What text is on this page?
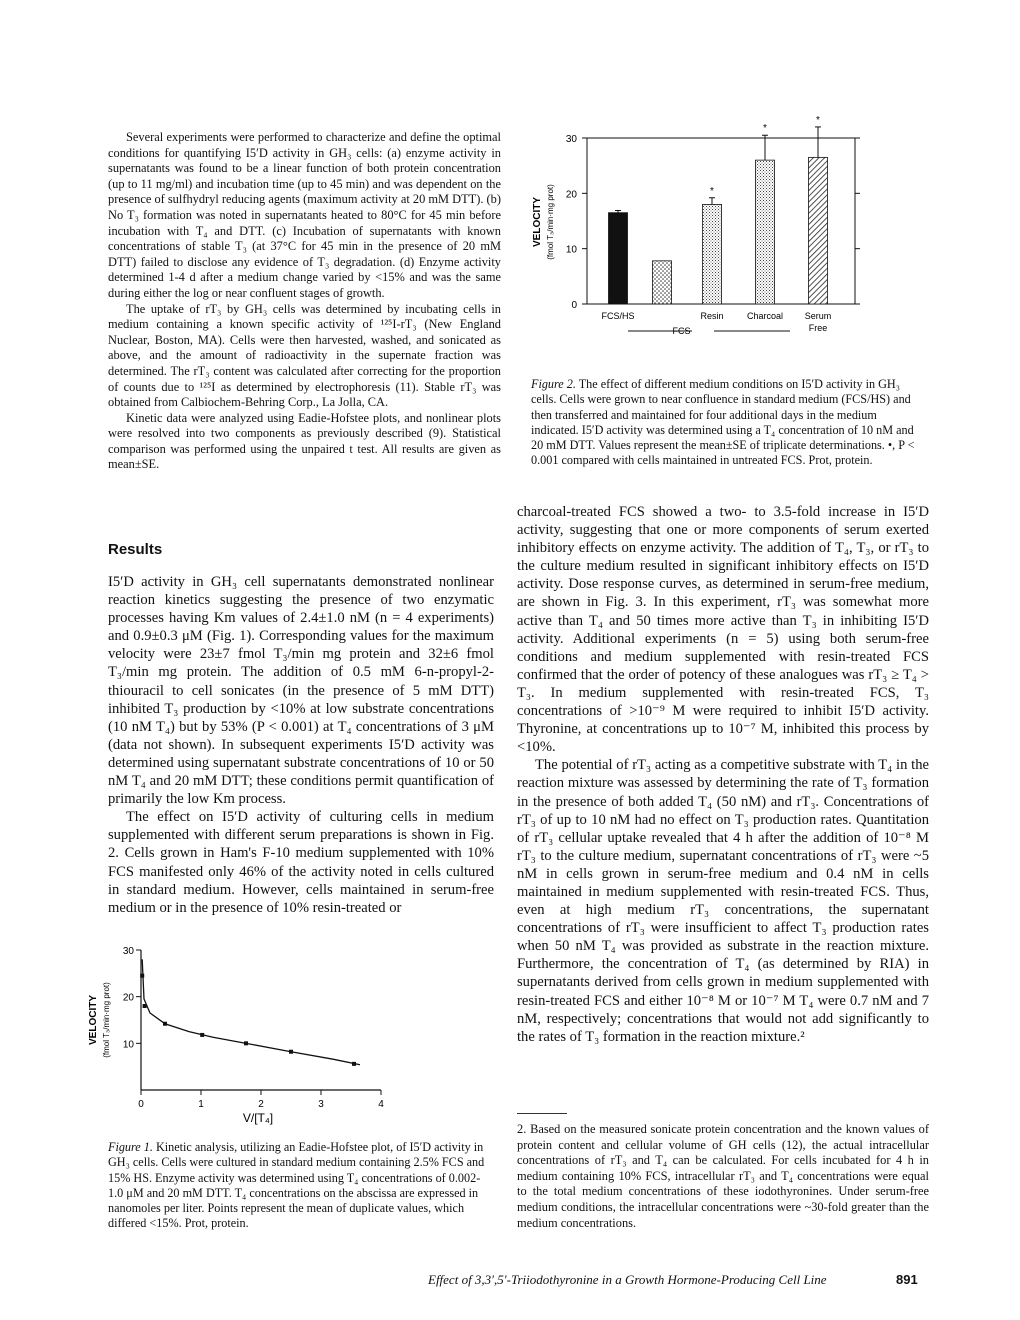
Several experiments were performed to characterize and define the optimal conditions for quantifying I5′D activity in GH₃ cells: (a) enzyme activity in supernatants was found to be a linear function of both protein concentration (up to 11 mg/ml) and incubation time (up to 45 min) and was dependent on the presence of sulfhydryl reducing agents (maximum activity at 20 mM DTT). (b) No T₃ formation was noted in supernatants heated to 80°C for 45 min before incubation with T₄ and DTT. (c) Incubation of supernatants with known concentrations of stable T₃ (at 37°C for 45 min in the presence of 20 mM DTT) failed to disclose any evidence of T₃ degradation. (d) Enzyme activity determined 1-4 d after a medium change varied by <15% and was the same during either the log or near confluent stages of growth.

The uptake of rT₃ by GH₃ cells was determined by incubating cells in medium containing a known specific activity of ¹²⁵I-rT₃ (New England Nuclear, Boston, MA). Cells were then harvested, washed, and sonicated as above, and the amount of radioactivity in the supernate fraction was determined. The rT₃ content was calculated after correcting for the proportion of counts due to ¹²⁵I as determined by electrophoresis (11). Stable rT₃ was obtained from Calbiochem-Behring Corp., La Jolla, CA.

Kinetic data were analyzed using Eadie-Hofstee plots, and nonlinear plots were resolved into two components as previously described (9). Statistical comparison was performed using the unpaired t test. All results are given as mean±SE.

Results

I5′D activity in GH₃ cell supernatants demonstrated nonlinear reaction kinetics suggesting the presence of two enzymatic processes having Km values of 2.4±1.0 nM (n = 4 experiments) and 0.9±0.3 μM (Fig. 1). Corresponding values for the maximum velocity were 23±7 fmol T₃/min mg protein and 32±6 fmol T₃/min mg protein. The addition of 0.5 mM 6-n-propyl-2-thiouracil to cell sonicates (in the presence of 5 mM DTT) inhibited T₃ production by <10% at low substrate concentrations (10 nM T₄) but by 53% (P < 0.001) at T₄ concentrations of 3 μM (data not shown). In subsequent experiments I5′D activity was determined using supernatant substrate concentrations of 10 or 50 nM T₄ and 20 mM DTT; these conditions permit quantification of primarily the low Km process.

The effect on I5′D activity of culturing cells in medium supplemented with different serum preparations is shown in Fig. 2. Cells grown in Ham's F-10 medium supplemented with 10% FCS manifested only 46% of the activity noted in cells cultured in standard medium. However, cells maintained in serum-free medium or in the presence of 10% resin-treated or

10
20
30
0	1	2	3	4
V/[T₄]
VELOCITY (fmol T₃/min·mg prot)

Figure 1. Kinetic analysis, utilizing an Eadie-Hofstee plot, of I5′D activity in GH₃ cells. Cells were cultured in standard medium containing 2.5% FCS and 15% HS. Enzyme activity was determined using T₄ concentrations of 0.002-1.0 μM and 20 mM DTT. T₄ concentrations on the abscissa are expressed in nanomoles per liter. Points represent the mean of duplicate values, which differed <15%. Prot, protein.

0
10
20
30
*
*
*
FCS/HS	Resin	Charcoal Serum
Free
FCS
VELOCITY (fmol T₃/min·mg prot)

Figure 2. The effect of different medium conditions on I5′D activity in GH₃ cells. Cells were grown to near confluence in standard medium (FCS/HS) and then transferred and maintained for four additional days in the medium indicated. I5′D activity was determined using a T₄ concentration of 10 nM and 20 mM DTT. Values represent the mean±SE of triplicate determinations. •, P < 0.001 compared with cells maintained in untreated FCS. Prot, protein.

charcoal-treated FCS showed a two- to 3.5-fold increase in I5′D activity, suggesting that one or more components of serum exerted inhibitory effects on enzyme activity. The addition of T₄, T₃, or rT₃ to the culture medium resulted in significant inhibitory effects on I5′D activity. Dose response curves, as determined in serum-free medium, are shown in Fig. 3. In this experiment, rT₃ was somewhat more active than T₄ and 50 times more active than T₃ in inhibiting I5′D activity. Additional experiments (n = 5) using both serum-free conditions and medium supplemented with resin-treated FCS confirmed that the order of potency of these analogues was rT₃ ≥ T₄ > T₃. In medium supplemented with resin-treated FCS, T₃ concentrations of >10⁻⁹ M were required to inhibit I5′D activity. Thyronine, at concentrations up to 10⁻⁷ M, inhibited this process by <10%.

The potential of rT₃ acting as a competitive substrate with T₄ in the reaction mixture was assessed by determining the rate of T₃ formation in the presence of both added T₄ (50 nM) and rT₃. Concentrations of rT₃ of up to 10 nM had no effect on T₃ production rates. Quantitation of rT₃ cellular uptake revealed that 4 h after the addition of 10⁻⁸ M rT₃ to the culture medium, supernatant concentrations of rT₃ were ~5 nM in cells grown in serum-free medium and 0.4 nM in cells maintained in medium supplemented with resin-treated FCS. Thus, even at high medium rT₃ concentrations, the supernatant concentrations of rT₃ were insufficient to affect T₃ production rates when 50 nM T₄ was provided as substrate in the reaction mixture. Furthermore, the concentration of T₄ (as determined by RIA) in supernatants derived from cells grown in medium supplemented with resin-treated FCS and either 10⁻⁸ M or 10⁻⁷ M T₄ were 0.7 nM and 7 nM, respectively; concentrations that would not add significantly to the rates of T₃ formation in the reaction mixture.²

2. Based on the measured sonicate protein concentration and the known values of protein content and cellular volume of GH cells (12), the actual intracellular concentrations of rT₃ and T₄ can be calculated. For cells incubated for 4 h in medium containing 10% FCS, intracellular rT₃ and T₄ concentrations were equal to the total medium concentrations of these iodothyronines. Under serum-free medium conditions, the intracellular concentrations were ~30-fold greater than the medium concentrations.

Effect of 3,3′,5′-Triiodothyronine in a Growth Hormone-Producing Cell Line	891
